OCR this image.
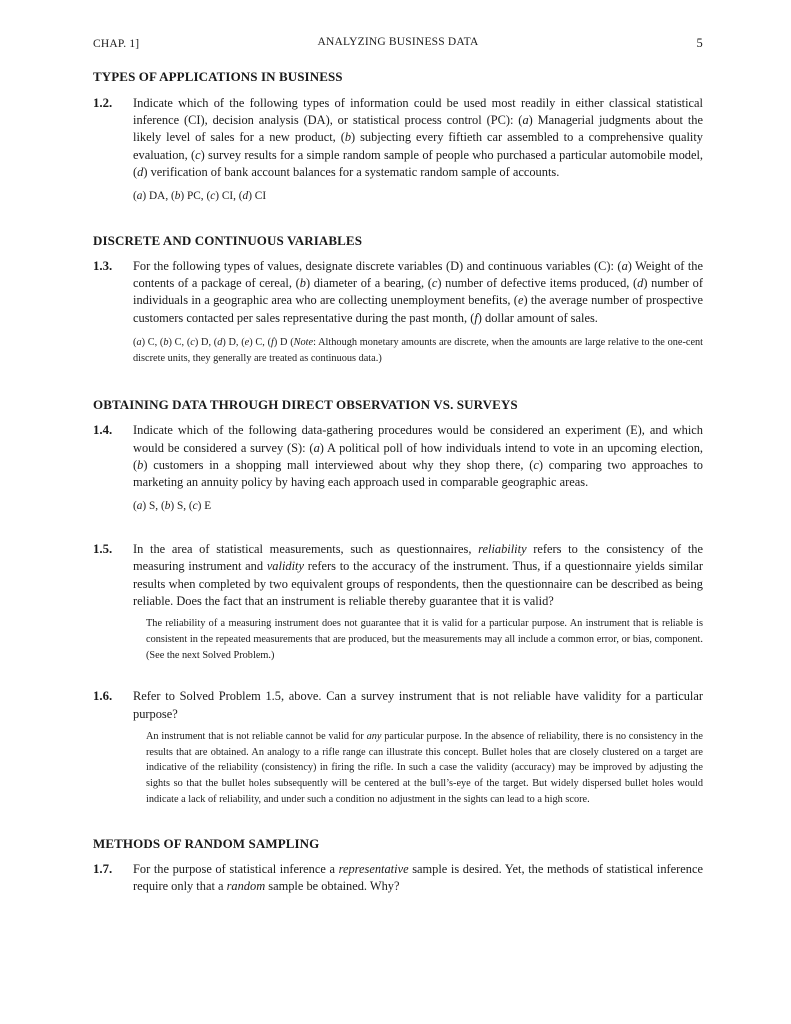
CHAP. 1]	ANALYZING BUSINESS DATA	5
TYPES OF APPLICATIONS IN BUSINESS
1.2.	Indicate which of the following types of information could be used most readily in either classical statistical inference (CI), decision analysis (DA), or statistical process control (PC): (a) Managerial judgments about the likely level of sales for a new product, (b) subjecting every fiftieth car assembled to a comprehensive quality evaluation, (c) survey results for a simple random sample of people who purchased a particular automobile model, (d) verification of bank account balances for a systematic random sample of accounts.
(a) DA, (b) PC, (c) CI, (d) CI
DISCRETE AND CONTINUOUS VARIABLES
1.3.	For the following types of values, designate discrete variables (D) and continuous variables (C): (a) Weight of the contents of a package of cereal, (b) diameter of a bearing, (c) number of defective items produced, (d) number of individuals in a geographic area who are collecting unemployment benefits, (e) the average number of prospective customers contacted per sales representative during the past month, (f) dollar amount of sales.
(a) C, (b) C, (c) D, (d) D, (e) C, (f) D (Note: Although monetary amounts are discrete, when the amounts are large relative to the one-cent discrete units, they generally are treated as continuous data.)
OBTAINING DATA THROUGH DIRECT OBSERVATION VS. SURVEYS
1.4.	Indicate which of the following data-gathering procedures would be considered an experiment (E), and which would be considered a survey (S): (a) A political poll of how individuals intend to vote in an upcoming election, (b) customers in a shopping mall interviewed about why they shop there, (c) comparing two approaches to marketing an annuity policy by having each approach used in comparable geographic areas.
(a) S, (b) S, (c) E
1.5.	In the area of statistical measurements, such as questionnaires, reliability refers to the consistency of the measuring instrument and validity refers to the accuracy of the instrument. Thus, if a questionnaire yields similar results when completed by two equivalent groups of respondents, then the questionnaire can be described as being reliable. Does the fact that an instrument is reliable thereby guarantee that it is valid?
The reliability of a measuring instrument does not guarantee that it is valid for a particular purpose. An instrument that is reliable is consistent in the repeated measurements that are produced, but the measurements may all include a common error, or bias, component. (See the next Solved Problem.)
1.6.	Refer to Solved Problem 1.5, above. Can a survey instrument that is not reliable have validity for a particular purpose?
An instrument that is not reliable cannot be valid for any particular purpose. In the absence of reliability, there is no consistency in the results that are obtained. An analogy to a rifle range can illustrate this concept. Bullet holes that are closely clustered on a target are indicative of the reliability (consistency) in firing the rifle. In such a case the validity (accuracy) may be improved by adjusting the sights so that the bullet holes subsequently will be centered at the bull’s-eye of the target. But widely dispersed bullet holes would indicate a lack of reliability, and under such a condition no adjustment in the sights can lead to a high score.
METHODS OF RANDOM SAMPLING
1.7.	For the purpose of statistical inference a representative sample is desired. Yet, the methods of statistical inference require only that a random sample be obtained. Why?
